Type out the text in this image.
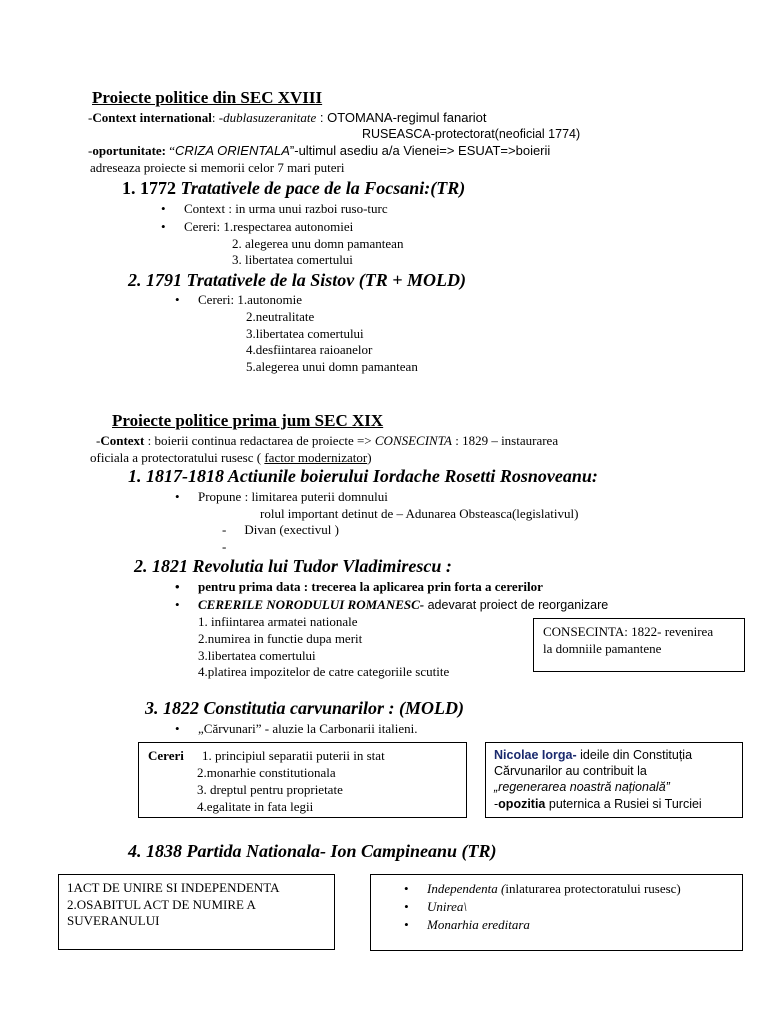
Proiecte politice din SEC XVIII
-Context international: -dublasuzeranitate : OTOMANA-regimul fanariot
RUSEASCA-protectorat(neoficial 1774)
-oportunitate: “CRIZA ORIENTALA”-ultimul asediu a/a Vienei=> ESUAT=>boierii
adreseaza proiecte si memorii celor 7 mari puteri
1. 1772 Tratativele de pace de la Focsani:(TR)
• Context : in urma unui razboi ruso-turc
• Cereri: 1.respectarea autonomiei
2. alegerea unu domn pamantean
3. libertatea comertului
2. 1791 Tratativele de la Sistov (TR + MOLD)
• Cereri: 1.autonomie
2.neutralitate
3.libertatea comertului
4.desfiintarea raioanelor
5.alegerea unui domn pamantean
Proiecte politice prima jum SEC XIX
-Context : boierii continua redactarea de proiecte => CONSECINTA : 1829 – instaurarea
oficiala a protectoratului rusesc ( factor modernizator)
1. 1817-1818 Actiunile boierului Iordache Rosetti Rosnoveanu:
• Propune : limitarea puterii domnului
rolul important detinut de – Adunarea Obsteasca(legislativul)
- Divan (exectivul )
-
2. 1821 Revolutia lui Tudor Vladimirescu :
• pentru prima data : trecerea la aplicarea prin forta a cererilor
• CERERILE NORODULUI ROMANESC- adevarat proiect de reorganizare
1. infiintarea armatei nationale
2.numirea in functie dupa merit
3.libertatea comertului
4.platirea impozitelor de catre categoriile scutite
CONSECINTA: 1822- revenirea
la domniile pamantene
3. 1822 Constitutia carvunarilor : (MOLD)
• „Cărvunari” - aluzie la Carbonarii italieni.
Cereri 1. principiul separatii puterii in stat
2.monarhie constitutionala
3. dreptul pentru proprietate
4.egalitate in fata legii
Nicolae Iorga- ideile din Constituția
Cărvunarilor au contribuit la
„regenerarea noastră națională”
-opozitia puternica a Rusiei si Turciei
4. 1838 Partida Nationala- Ion Campineanu (TR)
1ACT DE UNIRE SI INDEPENDENTA
2.OSABITUL ACT DE NUMIRE A
SUVERANULUI
• Independenta (inlaturarea protectoratului rusesc)
• Unirea\
• Monarhia ereditara
